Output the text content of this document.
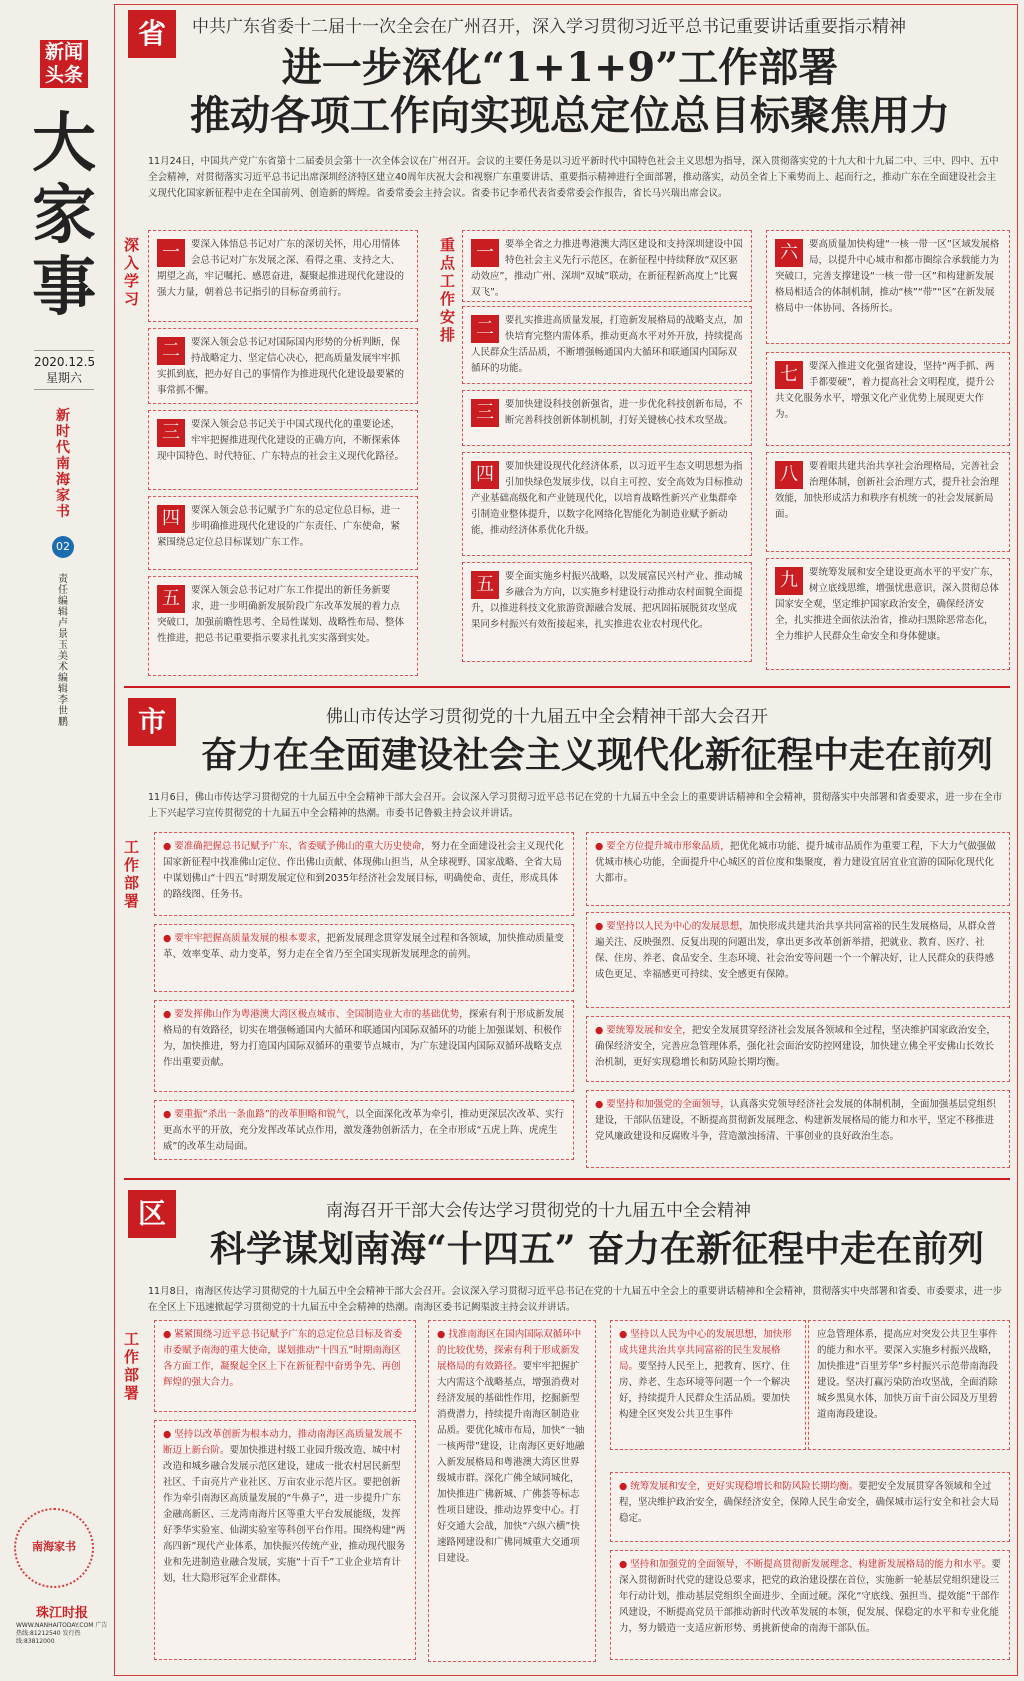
新闻头条
大家事
2020.12.5
星期六
新时代南海家书
02
责任编辑 卢景玉 美术编辑 李世鹏
南海家书
珠江时报
WWW.NANHAITODAY.COM 广告热线:81212540 发行热线:83812000
省	中共广东省委十二届十一次全会在广州召开，深入学习贯彻习近平总书记重要讲话重要指示精神
进一步深化“1+1+9”工作部署
推动各项工作向实现总定位总目标聚焦用力
11月24日，中国共产党广东省第十二届委员会第十一次全体会议在广州召开。会议的主要任务是以习近平新时代中国特色社会主义思想为指导，深入贯彻落实党的十九大和十九届二中、三中、四中、五中全会精神，对贯彻落实习近平总书记出席深圳经济特区建立40周年庆祝大会和视察广东重要讲话、重要指示精神进行全面部署，推动落实，动员全省上下乘势而上、起而行之，推动广东在全面建设社会主义现代化国家新征程中走在全国前列、创造新的辉煌。省委常委会主持会议。省委书记李希代表省委常委会作报告，省长马兴瑞出席会议。
深入学习
重点工作安排
一	要深入体悟总书记对广东的深切关怀，用心用情体会总书记对广东发展之深、看得之重、支持之大、期望之高，牢记嘱托、感恩奋进，凝聚起推进现代化建设的强大力量，朝着总书记指引的目标奋勇前行。
二	要深入领会总书记对国际国内形势的分析判断，保持战略定力、坚定信心决心，把高质量发展牢牢抓实抓到底，把办好自己的事情作为推进现代化建设最要紧的事常抓不懈。
三	要深入领会总书记关于中国式现代化的重要论述，牢牢把握推进现代化建设的正确方向，不断探索体现中国特色、时代特征、广东特点的社会主义现代化路径。
四	要深入领会总书记赋予广东的总定位总目标，进一步明确推进现代化建设的广东责任、广东使命，紧紧围绕总定位总目标谋划广东工作。
五	要深入领会总书记对广东工作提出的新任务新要求，进一步明确新发展阶段广东改革发展的着力点突破口，加强前瞻性思考、全局性谋划、战略性布局、整体性推进，把总书记重要指示要求扎扎实实落到实处。
一	要举全省之力推进粤港澳大湾区建设和支持深圳建设中国特色社会主义先行示范区，在新征程中持续释放“双区驱动效应”，推动广州、深圳“双城”联动，在新征程新高度上“比翼双飞”。
二	要扎实推进高质量发展，打造新发展格局的战略支点，加快培育完整内需体系，推动更高水平对外开放，持续提高人民群众生活品质，不断增强畅通国内大循环和联通国内国际双循环的功能。
三	要加快建设科技创新强省，进一步优化科技创新布局，不断完善科技创新体制机制，打好关键核心技术攻坚战。
四	要加快建设现代化经济体系，以习近平生态文明思想为指引加快绿色发展步伐，以自主可控、安全高效为目标推动产业基础高级化和产业链现代化，以培育战略性新兴产业集群牵引制造业整体提升，以数字化网络化智能化为制造业赋予新动能，推动经济体系优化升级。
五	要全面实施乡村振兴战略，以发展富民兴村产业、推动城乡融合为方向，以实施乡村建设行动推动农村面貌全面提升，以推进科技文化旅游资源融合发展、把巩固拓展脱贫攻坚成果同乡村振兴有效衔接起来，扎实推进农业农村现代化。
六	要高质量加快构建“一核一带一区”区域发展格局，以提升中心城市和都市圈综合承载能力为突破口，完善支撑建设“一核一带一区”和构建新发展格局相适合的体制机制，推动“核”“带”“区”在新发展格局中一体协同、各扬所长。
七	要深入推进文化强省建设，坚持“两手抓、两手都要硬”，着力提高社会文明程度，提升公共文化服务水平，增强文化产业优势上展现更大作为。
八	要着眼共建共治共享社会治理格局，完善社会治理体制，创新社会治理方式，提升社会治理效能，加快形成活力和秩序有机统一的社会发展新局面。
九	要统筹发展和安全建设更高水平的平安广东，树立底线思维，增强忧患意识，深入贯彻总体国家安全观，坚定维护国家政治安全，确保经济安全，扎实推进全面依法治省，推动扫黑除恶常态化，全力维护人民群众生命安全和身体健康。
市	佛山市传达学习贯彻党的十九届五中全会精神干部大会召开
奋力在全面建设社会主义现代化新征程中走在前列
11月6日，佛山市传达学习贯彻党的十九届五中全会精神干部大会召开。会议深入学习贯彻习近平总书记在党的十九届五中全会上的重要讲话精神和全会精神，贯彻落实中央部署和省委要求，进一步在全市上下兴起学习宣传贯彻党的十九届五中全会精神的热潮。市委书记鲁毅主持会议并讲话。
工作部署
● 要准确把握总书记赋予广东、省委赋予佛山的重大历史使命，努力在全面建设社会主义现代化国家新征程中找准佛山定位、作出佛山贡献、体现佛山担当，从全球视野、国家战略、全省大局中谋划佛山“十四五”时期发展定位和到2035年经济社会发展目标，明确使命、责任，形成具体的路线图、任务书。
● 要牢牢把握高质量发展的根本要求，把新发展理念贯穿发展全过程和各领域，加快推动质量变革、效率变革、动力变革，努力走在全省乃至全国实现新发展理念的前列。
● 要发挥佛山作为粤港澳大湾区极点城市、全国制造业大市的基础优势，探索有利于形成新发展格局的有效路径，切实在增强畅通国内大循环和联通国内国际双循环的功能上加强谋划、积极作为，加快推进，努力打造国内国际双循环的重要节点城市，为广东建设国内国际双循环战略支点作出重要贡献。
● 要重振“杀出一条血路”的改革胆略和锐气，以全面深化改革为牵引，推动更深层次改革、实行更高水平的开放，充分发挥改革试点作用，激发蓬勃创新活力，在全市形成“五虎上阵、虎虎生威”的改革生动局面。
● 要全方位提升城市形象品质，把优化城市功能、提升城市品质作为重要工程，下大力气做强做优城市核心功能，全面提升中心城区的首位度和集聚度，着力建设宜居宜业宜游的国际化现代化大都市。
● 要坚持以人民为中心的发展思想，加快形成共建共治共享共同富裕的民生发展格局，从群众普遍关注、反映强烈、反复出现的问题出发，拿出更多改革创新举措，把就业、教育、医疗、社保、住房、养老、食品安全、生态环境、社会治安等问题一个一个解决好，让人民群众的获得感成色更足、幸福感更可持续、安全感更有保障。
● 要统筹发展和安全，把安全发展贯穿经济社会发展各领域和全过程，坚决维护国家政治安全，确保经济安全，完善应急管理体系，强化社会面治安防控网建设，加快建立佛全平安佛山长效长治机制，更好实现稳增长和防风险长期均衡。
● 要坚持和加强党的全面领导，认真落实党领导经济社会发展的体制机制，全面加强基层党组织建设，干部队伍建设，不断提高贯彻新发展理念、构建新发展格局的能力和水平，坚定不移推进党风廉政建设和反腐败斗争，营造激浊扬清、干事创业的良好政治生态。
区	南海召开干部大会传达学习贯彻党的十九届五中全会精神
科学谋划南海“十四五” 奋力在新征程中走在前列
11月8日，南海区传达学习贯彻党的十九届五中全会精神干部大会召开。会议深入学习贯彻习近平总书记在党的十九届五中全会上的重要讲话精神和全会精神，贯彻落实中央部署和省委、市委要求，进一步在全区上下迅速掀起学习贯彻党的十九届五中全会精神的热潮。南海区委书记阙渠波主持会议并讲话。
工作部署
● 紧紧围绕习近平总书记赋予广东的总定位总目标及省委市委赋予南海的重大使命，谋划推动“十四五”时期南海区各方面工作，凝聚起全区上下在新征程中奋勇争先、再创辉煌的强大合力。
● 坚持以改革创新为根本动力，推动南海区高质量发展不断迈上新台阶。要加快推进村级工业园升级改造、城中村改造和城乡融合发展示范区建设，建成一批农村居民新型社区、千亩亮片产业社区、万亩农业示范片区。要把创新作为牵引南海区高质量发展的“牛鼻子”，进一步提升广东金融高新区、三龙湾南海片区等重大平台发展能级，发挥好季华实验室、仙湖实验室等科创平台作用。围绕构建“两高四新”现代产业体系，加快振兴传统产业，推动现代服务业和先进制造业融合发展，实施“十百千”工业企业培育计划，壮大隐形冠军企业群体。
● 找准南海区在国内国际双循环中的比较优势，探索有利于形成新发展格局的有效路径。要牢牢把握扩大内需这个战略基点，增强消费对经济发展的基础性作用，挖掘新型消费潜力，持续提升南海区制造业品质。要优化城市布局，加快“一轴一核两带”建设，让南海区更好地融入新发展格局和粤港澳大湾区世界级城市群。深化广佛全域同城化，加快推进广佛新城、广佛荟等标志性项目建设，推动边界变中心。打好交通大会战，加快“六纵六横”快速路网建设和广佛同城重大交通项目建设。
● 坚持以人民为中心的发展思想，加快形成共建共治共享共同富裕的民生发展格局。要坚持人民至上，把教育、医疗、住房、养老、生态环境等问题一个一个解决好，持续提升人民群众生活品质。要加快构建全区突发公共卫生事件
应急管理体系，提高应对突发公共卫生事件的能力和水平。要深入实施乡村振兴战略，加快推进“百里芳华”乡村振兴示范带南海段建设。坚决打赢污染防治攻坚战，全面消除城乡黑臭水体，加快万亩千亩公园及万里碧道南海段建设。
● 统筹发展和安全，更好实现稳增长和防风险长期均衡。要把安全发展贯穿各领域和全过程，坚决维护政治安全，确保经济安全，保障人民生命安全，确保城市运行安全和社会大局稳定。
● 坚持和加强党的全面领导，不断提高贯彻新发展理念、构建新发展格局的能力和水平。要深入贯彻新时代党的建设总要求，把党的政治建设摆在首位，实施新一轮基层党组织建设三年行动计划，推动基层党组织全面进步、全面过硬。深化“守底线、强担当、提效能”干部作风建设，不断提高党员干部推动新时代改革发展的本领，促发展、保稳定的水平和专业化能力，努力锻造一支适应新形势、勇挑新使命的南海干部队伍。
